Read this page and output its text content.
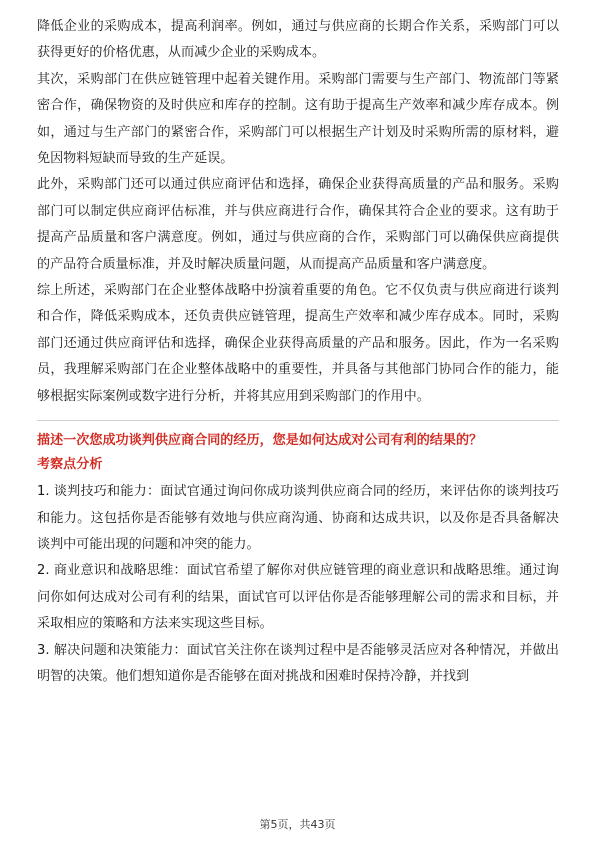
降低企业的采购成本，提高利润率。例如，通过与供应商的长期合作关系，采购部门可以获得更好的价格优惠，从而减少企业的采购成本。

其次，采购部门在供应链管理中起着关键作用。采购部门需要与生产部门、物流部门等紧密合作，确保物资的及时供应和库存的控制。这有助于提高生产效率和减少库存成本。例如，通过与生产部门的紧密合作，采购部门可以根据生产计划及时采购所需的原材料，避免因物料短缺而导致的生产延误。

此外，采购部门还可以通过供应商评估和选择，确保企业获得高质量的产品和服务。采购部门可以制定供应商评估标准，并与供应商进行合作，确保其符合企业的要求。这有助于提高产品质量和客户满意度。例如，通过与供应商的合作，采购部门可以确保供应商提供的产品符合质量标准，并及时解决质量问题，从而提高产品质量和客户满意度。

综上所述，采购部门在企业整体战略中扮演着重要的角色。它不仅负责与供应商进行谈判和合作，降低采购成本，还负责供应链管理，提高生产效率和减少库存成本。同时，采购部门还通过供应商评估和选择，确保企业获得高质量的产品和服务。因此，作为一名采购员，我理解采购部门在企业整体战略中的重要性，并具备与其他部门协同合作的能力，能够根据实际案例或数字进行分析，并将其应用到采购部门的作用中。

描述一次您成功谈判供应商合同的经历，您是如何达成对公司有利的结果的？

考察点分析

1. 谈判技巧和能力：面试官通过询问你成功谈判供应商合同的经历，来评估你的谈判技巧和能力。这包括你是否能够有效地与供应商沟通、协商和达成共识，以及你是否具备解决谈判中可能出现的问题和冲突的能力。

2. 商业意识和战略思维：面试官希望了解你对供应链管理的商业意识和战略思维。通过询问你如何达成对公司有利的结果，面试官可以评估你是否能够理解公司的需求和目标，并采取相应的策略和方法来实现这些目标。

3. 解决问题和决策能力：面试官关注你在谈判过程中是否能够灵活应对各种情况，并做出明智的决策。他们想知道你是否能够在面对挑战和困难时保持冷静，并找到

第5页，共43页
